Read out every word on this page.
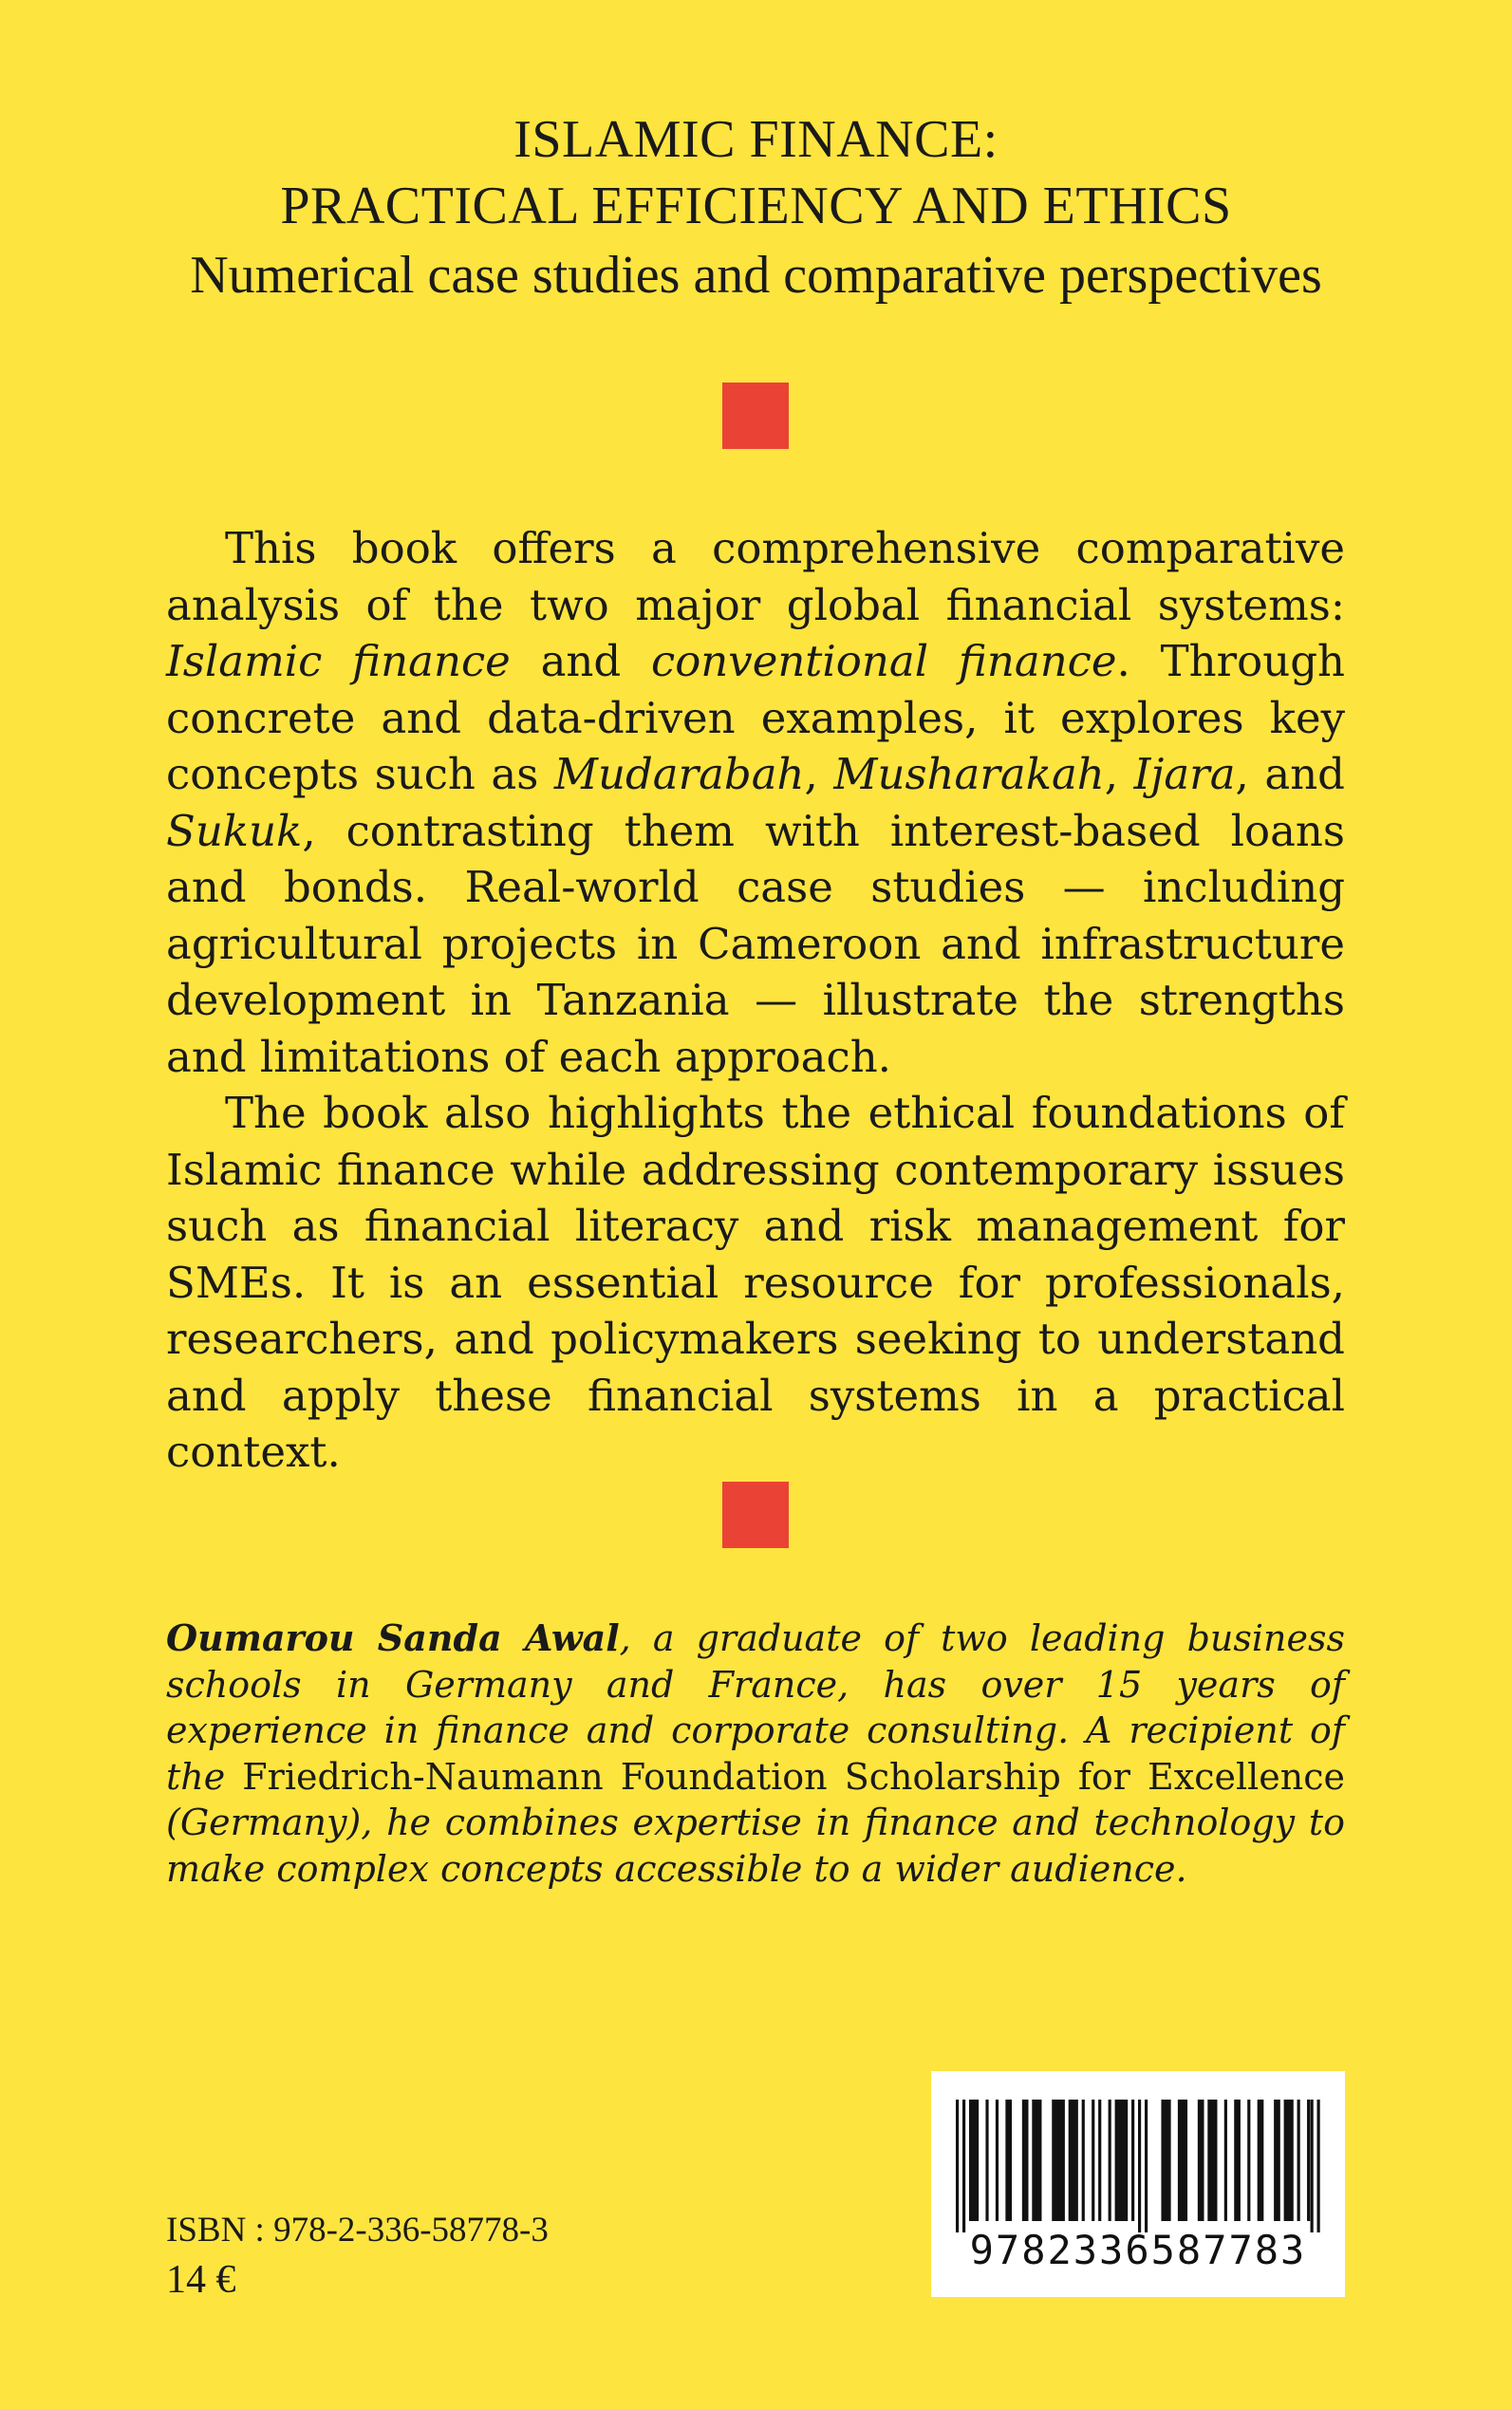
ISLAMIC FINANCE:
PRACTICAL EFFICIENCY AND ETHICS
Numerical case studies and comparative perspectives

This book offers a comprehensive comparative analysis of the two major global financial systems: Islamic finance and conventional finance. Through concrete and data-driven examples, it explores key concepts such as Mudarabah, Musharakah, Ijara, and Sukuk, contrasting them with interest-based loans and bonds. Real-world case studies — including agricultural projects in Cameroon and infrastructure development in Tanzania — illustrate the strengths and limitations of each approach.

The book also highlights the ethical foundations of Islamic finance while addressing contemporary issues such as financial literacy and risk management for SMEs. It is an essential resource for professionals, researchers, and policymakers seeking to understand and apply these financial systems in a practical context.

Oumarou Sanda Awal, a graduate of two leading business schools in Germany and France, has over 15 years of experience in finance and corporate consulting. A recipient of the Friedrich-Naumann Foundation Scholarship for Excellence (Germany), he combines expertise in finance and technology to make complex concepts accessible to a wider audience.
9782336587783
ISBN : 978-2-336-58778-3
14 €
